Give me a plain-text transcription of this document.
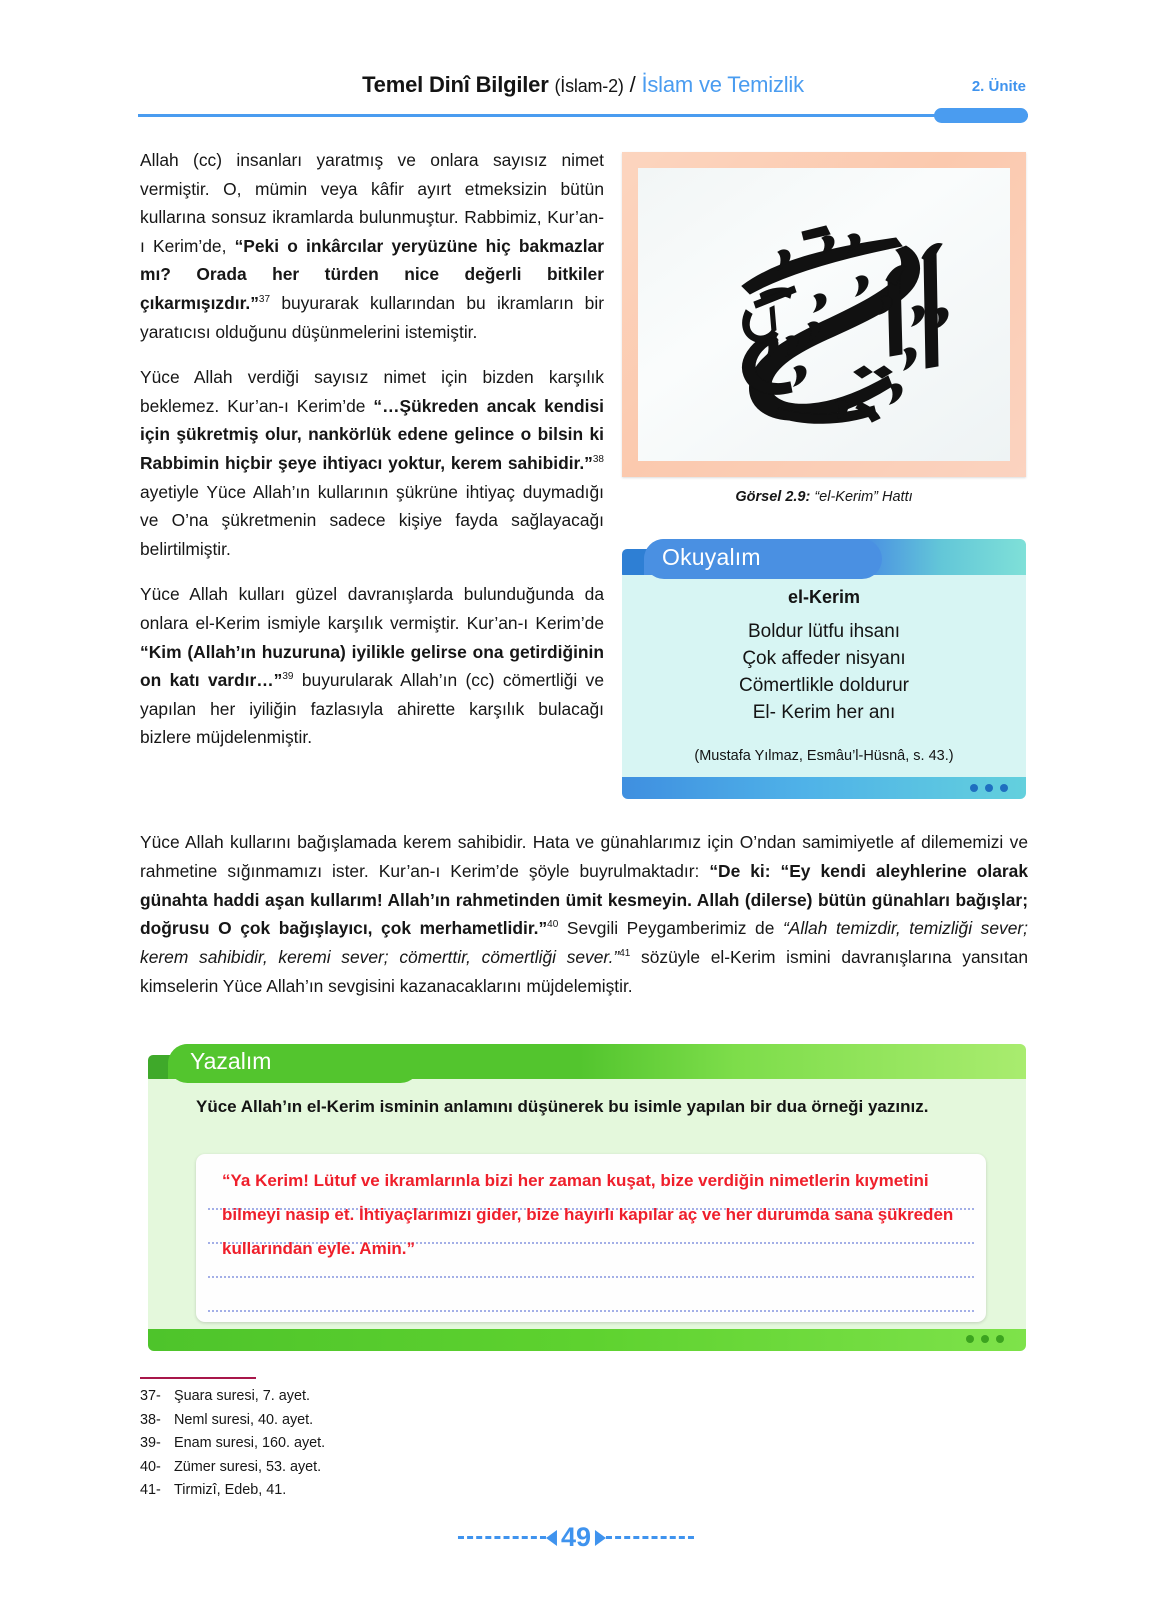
Temel Dinî Bilgiler (İslam-2) / İslam ve Temizlik	2. Ünite

Allah (cc) insanları yaratmış ve onlara sayısız nimet vermiştir. O, mümin veya kâfir ayırt etmeksizin bütün kullarına sonsuz ikramlarda bulunmuştur. Rabbimiz, Kur’an-ı Kerim’de, “Peki o inkârcılar yeryüzüne hiç bakmazlar mı? Orada her türden nice değerli bitkiler çıkarmışızdır.”$^{37}$ buyurarak kullarından bu ikramların bir yaratıcısı olduğunu düşünmelerini istemiştir.

Yüce Allah verdiği sayısız nimet için bizden karşılık beklemez. Kur’an-ı Kerim’de “…Şükreden ancak kendisi için şükretmiş olur, nankörlük edene gelince o bilsin ki Rabbimin hiçbir şeye ihtiyacı yoktur, kerem sahibidir.”$^{38}$ ayetiyle Yüce Allah’ın kullarının şükrüne ihtiyaç duymadığı ve O’na şükretmenin sadece kişiye fayda sağlayacağı belirtilmiştir.

Yüce Allah kulları güzel davranışlarda bulunduğunda da onlara el-Kerim ismiyle karşılık vermiştir. Kur’an-ı Kerim’de “Kim (Allah’ın huzuruna) iyilikle gelirse ona getirdiğinin on katı vardır…”$^{39}$ buyurularak Allah’ın (cc) cömertliği ve yapılan her iyiliğin fazlasıyla ahirette karşılık bulacağı bizlere müjdelenmiştir.

Görsel 2.9: “el-Kerim” Hattı
Okuyalım
el-Kerim
Boldur lütfu ihsanı
Çok affeder nisyanı
Cömertlikle doldurur
El- Kerim her anı
(Mustafa Yılmaz, Esmâu’l-Hüsnâ, s. 43.)

Yüce Allah kullarını bağışlamada kerem sahibidir. Hata ve günahlarımız için O’ndan samimiyetle af dilememizi ve rahmetine sığınmamızı ister. Kur’an-ı Kerim’de şöyle buyrulmaktadır: “De ki: “Ey kendi aleyhlerine olarak günahta haddi aşan kullarım! Allah’ın rahmetinden ümit kesmeyin. Allah (dilerse) bütün günahları bağışlar; doğrusu O çok bağışlayıcı, çok merhametlidir.”$^{40}$ Sevgili Peygamberimiz de “Allah temizdir, temizliği sever; kerem sahibidir, keremi sever; cömerttir, cömertliği sever.”$^{41}$ sözüyle el-Kerim ismini davranışlarına yansıtan kimselerin Yüce Allah’ın sevgisini kazanacaklarını müjdelemiştir.

Yazalım
Yüce Allah’ın el-Kerim isminin anlamını düşünerek bu isimle yapılan bir dua örneği yazınız.
“Ya Kerim! Lütuf ve ikramlarınla bizi her zaman kuşat, bize verdiğin nimetlerin kıymetini bilmeyi nasip et. İhtiyaçlarımızı gider, bize hayırlı kapılar aç ve her durumda sana şükreden kullarından eyle. Amin.”
37- Şuara suresi, 7. ayet.
38- Neml suresi, 40. ayet.
39- Enam suresi, 160. ayet.
40- Zümer suresi, 53. ayet.
41- Tirmizî, Edeb, 41.
49
